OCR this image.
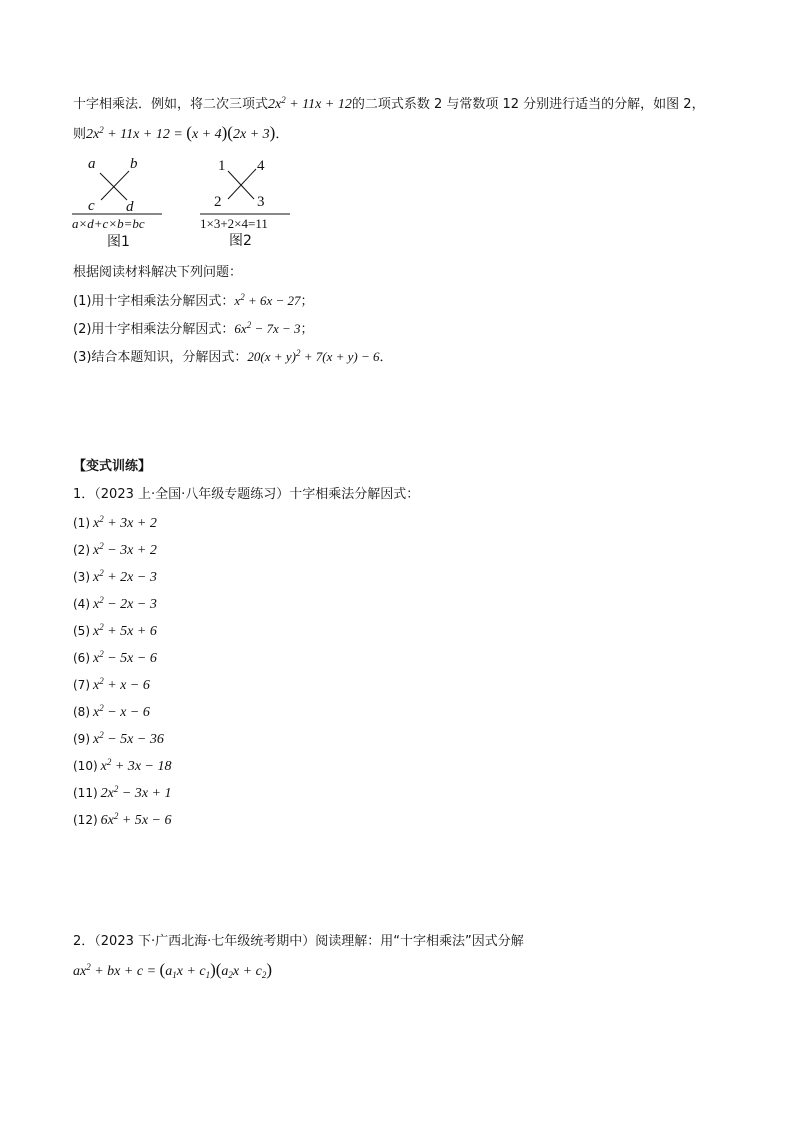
十字相乘法．例如，将二次三项式$2x^2 + 11x + 12$的二项式系数 2 与常数项 12 分别进行适当的分解，如图 2，
则$2x^2 + 11x + 12 = (x + 4)(2x + 3)$．
a b
c d
a×d+c×b=bc
图1
1 4
2 3
1×3+2×4=11
图2
根据阅读材料解决下列问题：
(1)用十字相乘法分解因式：$x^2 + 6x - 27$；
(2)用十字相乘法分解因式：$6x^2 - 7x - 3$；
(3)结合本题知识，分解因式：$20(x + y)^2 + 7(x + y) - 6$．
【变式训练】
1．（2023 上·全国·八年级专题练习）十字相乘法分解因式：
(1) $x^2 + 3x + 2$
(2) $x^2 - 3x + 2$
(3) $x^2 + 2x - 3$
(4) $x^2 - 2x - 3$
(5) $x^2 + 5x + 6$
(6) $x^2 - 5x - 6$
(7) $x^2 + x - 6$
(8) $x^2 - x - 6$
(9) $x^2 - 5x - 36$
(10) $x^2 + 3x - 18$
(11) $2x^2 - 3x + 1$
(12) $6x^2 + 5x - 6$
2．（2023 下·广西北海·七年级统考期中）阅读理解：用“十字相乘法”因式分解
$ax^2$ + bx + $c = (a_1x + c_1)(a_2x + c_2)$
